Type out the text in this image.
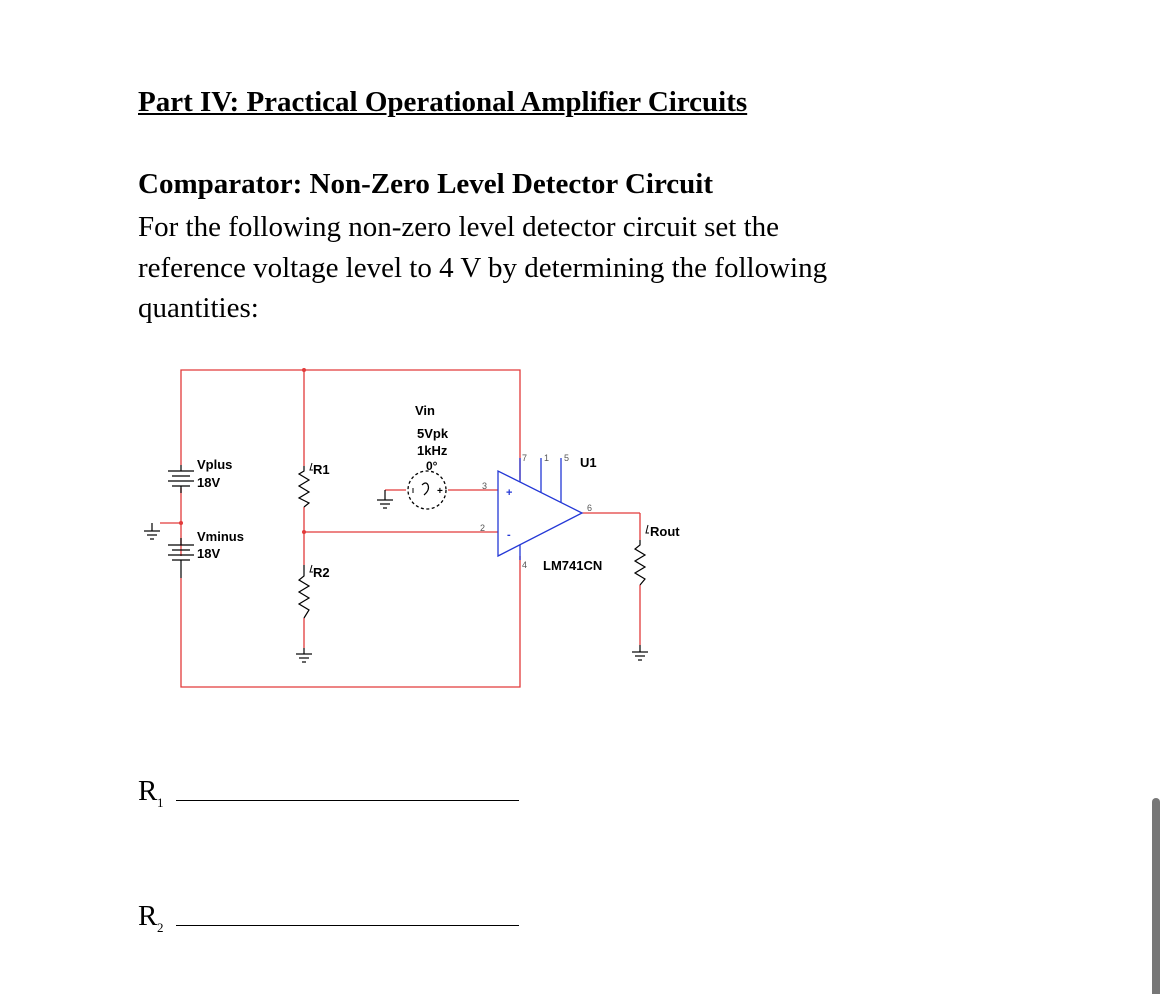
Part IV: Practical Operational Amplifier Circuits
Comparator: Non-Zero Level Detector Circuit

For the following non-zero level detector circuit set the
reference voltage level to 4 V by determining the following
quantities:

Vplus
18V
Vminus
18V
R1
R2
+
Vin
5Vpk
1kHz
0°
+
-
7 1 5
3
2
6
4
U1
LM741CN
Rout
R 1
R 2
